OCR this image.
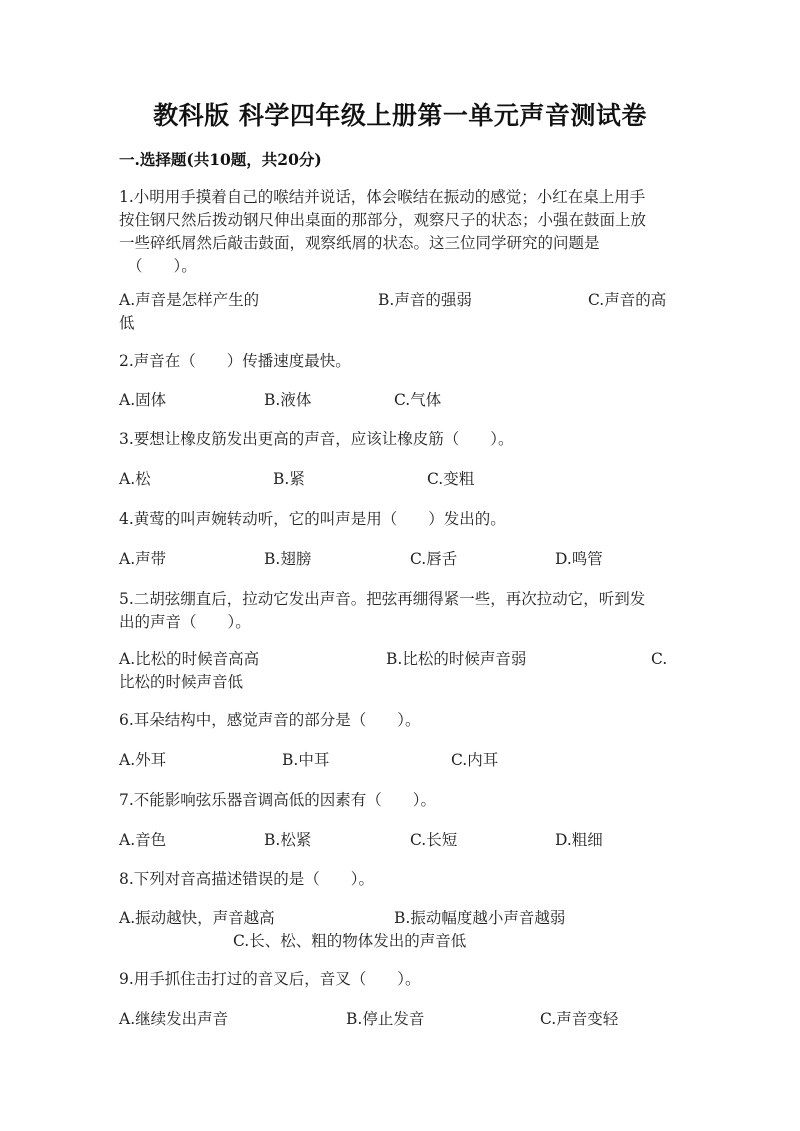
教科版 科学四年级上册第一单元声音测试卷
一.选择题(共10题，共20分)
1.小明用手摸着自己的喉结并说话，体会喉结在振动的感觉；小红在桌上用手
按住钢尺然后拨动钢尺伸出桌面的那部分，观察尺子的状态；小强在鼓面上放
一些碎纸屑然后敲击鼓面，观察纸屑的状态。这三位同学研究的问题是
（　　）。
A.声音是怎样产生的	B.声音的强弱	C.声音的高
低
2.声音在（　　）传播速度最快。
A.固体	B.液体	C.气体
3.要想让橡皮筋发出更高的声音，应该让橡皮筋（　　）。
A.松	B.紧	C.变粗
4.黄莺的叫声婉转动听，它的叫声是用（　　）发出的。
A.声带	B.翅膀	C.唇舌	D.鸣管
5.二胡弦绷直后，拉动它发出声音。把弦再绷得紧一些，再次拉动它，听到发
出的声音（　　）。
A.比松的时候音高高	B.比松的时候声音弱	C.
比松的时候声音低
6.耳朵结构中，感觉声音的部分是（　　）。
A.外耳	B.中耳	C.内耳
7.不能影响弦乐器音调高低的因素有（　　）。
A.音色	B.松紧	C.长短	D.粗细
8.下列对音高描述错误的是（　　）。
A.振动越快，声音越高	B.振动幅度越小声音越弱
C.长、松、粗的物体发出的声音低
9.用手抓住击打过的音叉后，音叉（　　）。
A.继续发出声音	B.停止发音	C.声音变轻
